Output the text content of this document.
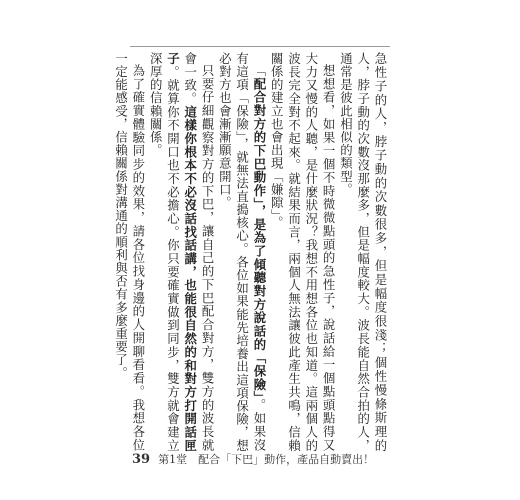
急性子的人，脖子動的次數很多，但是幅度很淺；個性慢條斯理的人，脖子動的次數沒那麼多，但是幅度較大。波長能自然合拍的人，通常是彼此相似的類型。

想想看，如果一個不時微微點頭的急性子，說話給一個點頭點得又大力又慢的人聽，是什麼狀況？我想不用想各位也知道。這兩個人的波長完全對不起來。就結果而言，兩個人無法讓彼此產生共鳴，信賴關係的建立也會出現「嫌隙」。

「配合對方的下巴動作」，是為了傾聽對方說話的「保險」。如果沒有這項「保險」，就無法直搗核心。各位如果能先培養出這項保險，想必對方也會漸漸願意開口。

只要仔細觀察對方的下巴，讓自己的下巴配合對方，雙方的波長就會一致。這樣你根本不必沒話找話講，也能很自然的和對方打開話匣子。就算你不開口也不必擔心。你只要確實做到同步，雙方就會建立深厚的信賴關係。

為了確實體驗同步的效果，請各位找身邊的人開聊看看。我想各位一定能感受，信賴關係對溝通的順利與否有多麼重要了。

39 第1堂　配合「下巴」動作，產品自動賣出！
